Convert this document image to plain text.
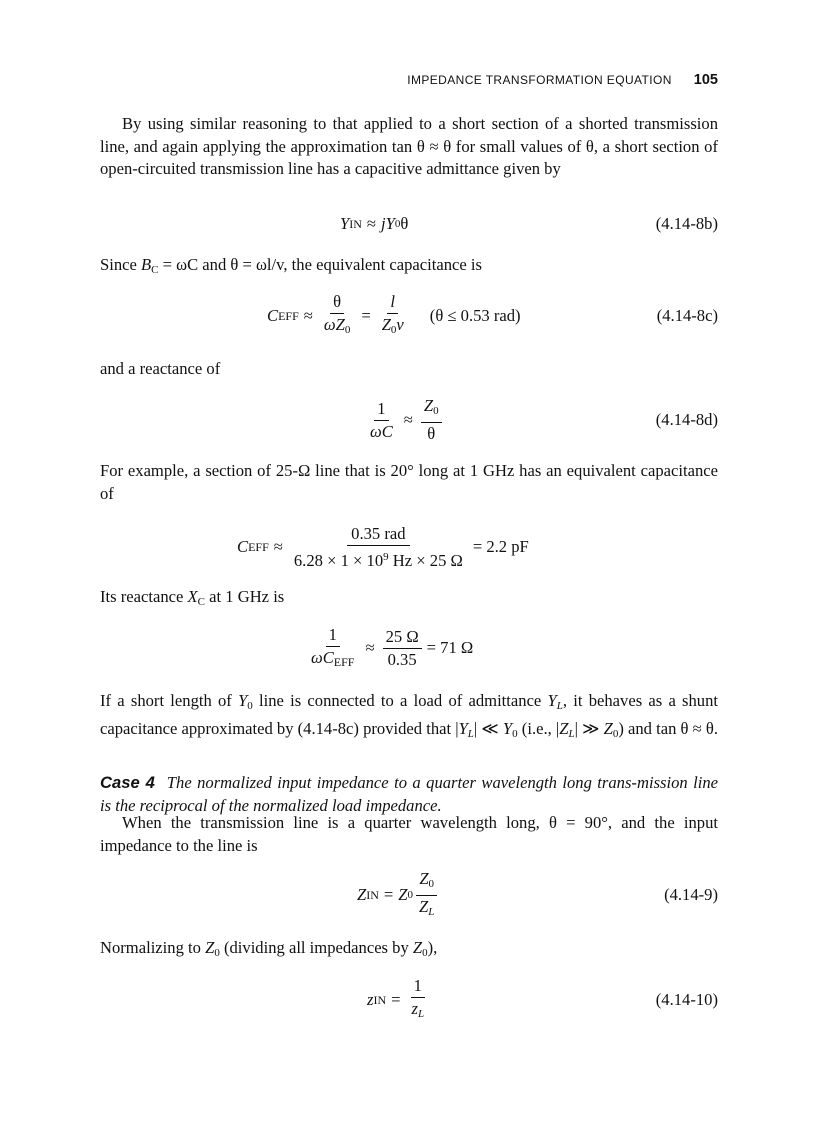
IMPEDANCE TRANSFORMATION EQUATION 105

By using similar reasoning to that applied to a short section of a shorted transmission line, and again applying the approximation tan θ ≈ θ for small values of θ, a short section of open-circuited transmission line has a capacitive admittance given by

Y IN ≈ jY 0 θ	(4.14-8b)

Since $B_C = \omega C$ and θ = ωl/v, the equivalent capacitance is

C EFF ≈ $\frac{\theta}{\omega Z_0} = \frac{l}{Z_0v} (\theta \le 0.53$ rad)	(4.14-8c)

and a reactance of

$\frac{1}{\omega C} \approx \frac{Z_0}{\theta}$	(4.14-8d)

For example, a section of 25-Ω line that is 20° long at 1 GHz has an equivalent capacitance of

C EFF ≈ $\frac{\text{0.35 rad}}{6.28 \times 1 \times 10^9 Hz \times 25 \Omega} = 2.2$ pF

Its reactance $X_C$ at 1 GHz is

$\frac{1}{\omega C_{EFF}} \approx \frac{25 \Omega}{0.35} = 71$ Ω

If a short length of $Y_0$ line is connected to a load of admittance $Y_L$, it behaves as a shunt capacitance approximated by (4.14-8c) provided that $|Y_L|$ ≪ $Y_0$ (i.e., $|Z_L|$ ≫ $Z_0$) and tan θ ≈ θ.

Case 4 The normalized input impedance to a quarter wavelength long trans-mission line is the reciprocal of the normalized load impedance.

When the transmission line is a quarter wavelength long, θ = 90°, and the input impedance to the line is

Z IN = Z $0 \frac{Z_0}{Z_L}$	(4.14-9)

Normalizing to $Z_0$ (dividing all impedances by $Z_0$),

z IN = $\frac{1}{z_L}$	(4.14-10)
